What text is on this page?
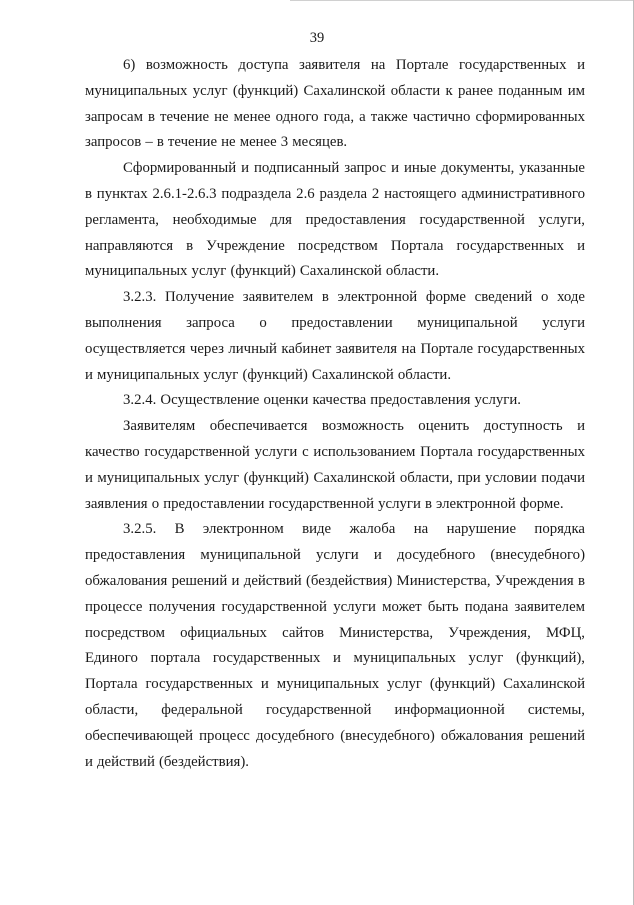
39

6) возможность доступа заявителя на Портале государственных и муниципальных услуг (функций) Сахалинской области к ранее поданным им запросам в течение не менее одного года, а также частично сформированных запросов – в течение не менее 3 месяцев.

Сформированный и подписанный запрос и иные документы, указанные в пунктах 2.6.1-2.6.3 подраздела 2.6 раздела 2 настоящего административного регламента, необходимые для предоставления государственной услуги, направляются в Учреждение посредством Портала государственных и муниципальных услуг (функций) Сахалинской области.

3.2.3. Получение заявителем в электронной форме сведений о ходе выполнения запроса о предоставлении муниципальной услуги осуществляется через личный кабинет заявителя на Портале государственных и муниципальных услуг (функций) Сахалинской области.

3.2.4. Осуществление оценки качества предоставления услуги.

Заявителям обеспечивается возможность оценить доступность и качество государственной услуги с использованием Портала государственных и муниципальных услуг (функций) Сахалинской области, при условии подачи заявления о предоставлении государственной услуги в электронной форме.

3.2.5. В электронном виде жалоба на нарушение порядка предоставления муниципальной услуги и досудебного (внесудебного) обжалования решений и действий (бездействия) Министерства, Учреждения в процессе получения государственной услуги может быть подана заявителем посредством официальных сайтов Министерства, Учреждения, МФЦ, Единого портала государственных и муниципальных услуг (функций), Портала государственных и муниципальных услуг (функций) Сахалинской области, федеральной государственной информационной системы, обеспечивающей процесс досудебного (внесудебного) обжалования решений и действий (бездействия).
